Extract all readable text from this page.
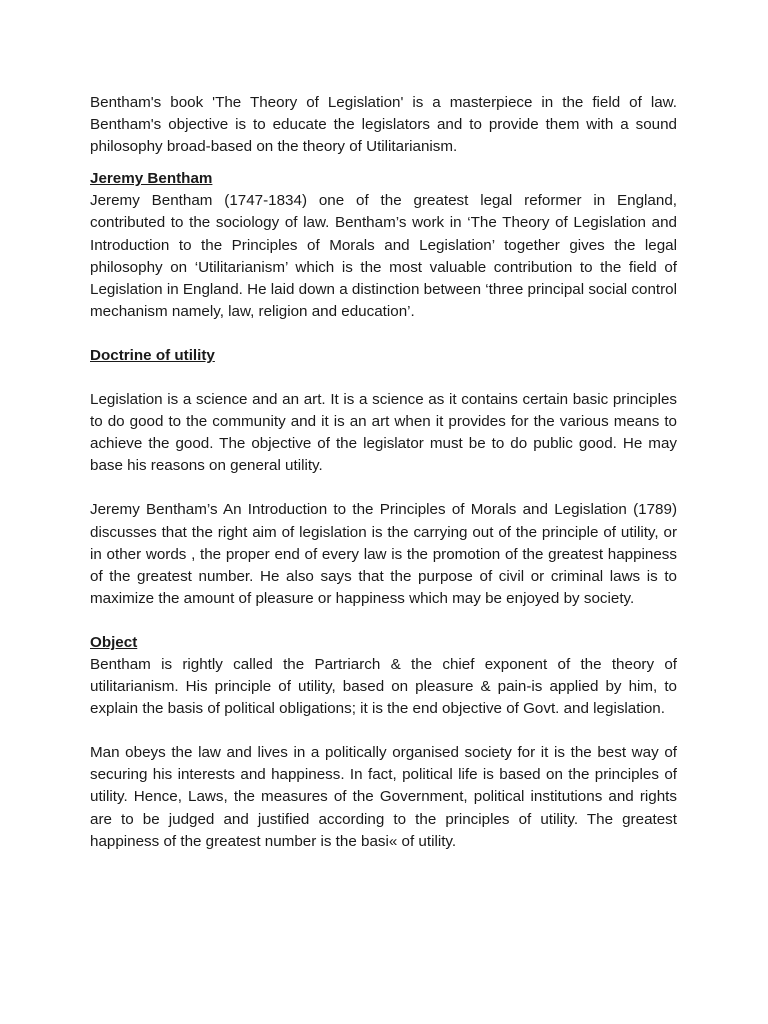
Bentham's book 'The Theory of Legislation' is a masterpiece in the field of law. Bentham's objective is to educate the legislators and to provide them with a sound philosophy broad-based on the theory of Utilitarianism.

Jeremy Bentham

Jeremy Bentham (1747-1834) one of the greatest legal reformer in England, contributed to the sociology of law. Bentham’s work in ‘The Theory of Legislation and Introduction to the Principles of Morals and Legislation’ together gives the legal philosophy on ‘Utilitarianism’ which is the most valuable contribution to the field of Legislation in England. He laid down a distinction between ‘three principal social control mechanism namely, law, religion and education’.

Doctrine of utility

Legislation is a science and an art. It is a science as it contains certain basic principles to do good to the community and it is an art when it provides for the various means to achieve the good. The objective of the legislator must be to do public good. He may base his reasons on general utility.

Jeremy Bentham’s An Introduction to the Principles of Morals and Legislation (1789) discusses that the right aim of legislation is the carrying out of the principle of utility, or in other words , the proper end of every law is the promotion of the greatest happiness of the greatest number. He also says that the purpose of civil or criminal laws is to maximize the amount of pleasure or happiness which may be enjoyed by society.

Object

Bentham is rightly called the Partriarch & the chief exponent of the theory of utilitarianism. His principle of utility, based on pleasure & pain-is applied by him, to explain the basis of political obligations; it is the end objective of Govt. and legislation.

Man obeys the law and lives in a politically organised society for it is the best way of securing his interests and happiness. In fact, political life is based on the principles of utility. Hence, Laws, the measures of the Government, political institutions and rights are to be judged and justified according to the principles of utility. The greatest happiness of the greatest number is the basi« of utility.
